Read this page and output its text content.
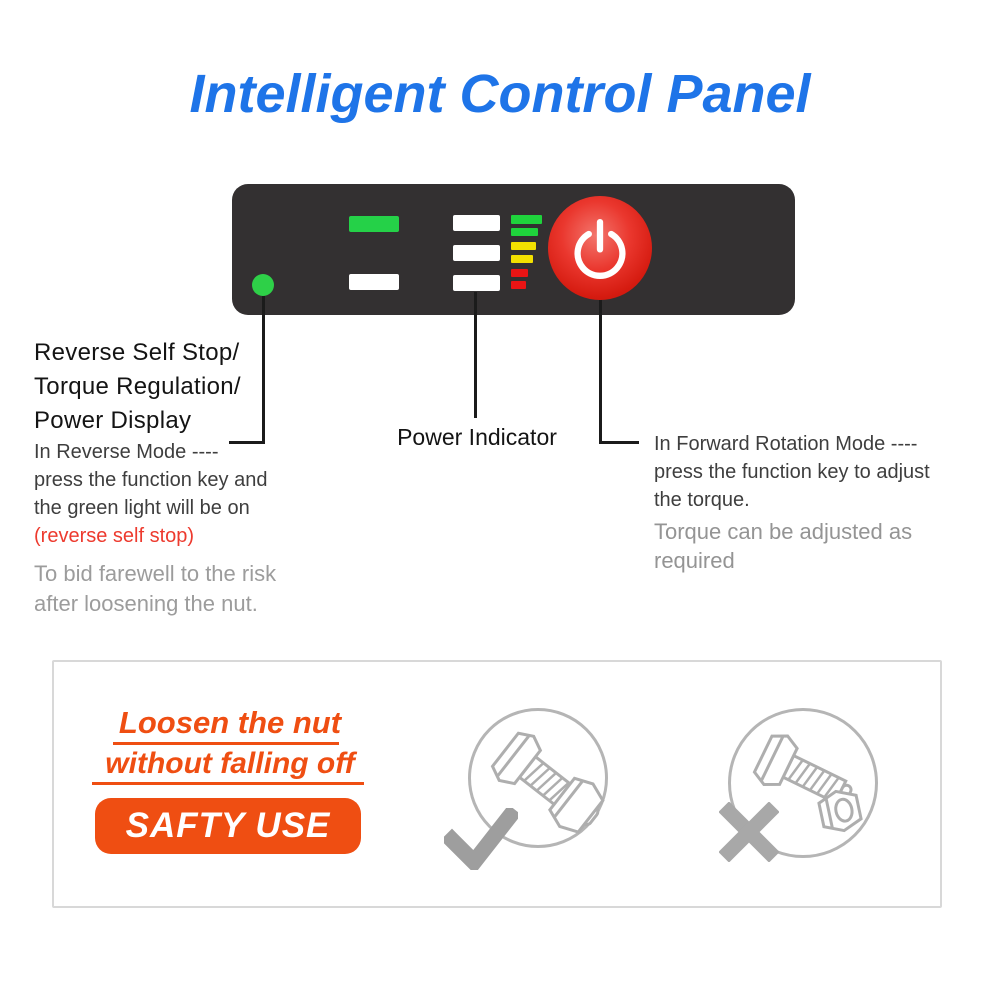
Intelligent Control Panel
Reverse Self Stop/
Torque Regulation/
Power Display
In Reverse Mode ----
press the function key and
the green light will be on
(reverse self stop)
To bid farewell to the risk
after loosening the nut.
Power Indicator	In Forward Rotation Mode ----
press the function key to adjust
the torque.
Torque can be adjusted as
required
Loosen the nut
without falling off
SAFTY USE
